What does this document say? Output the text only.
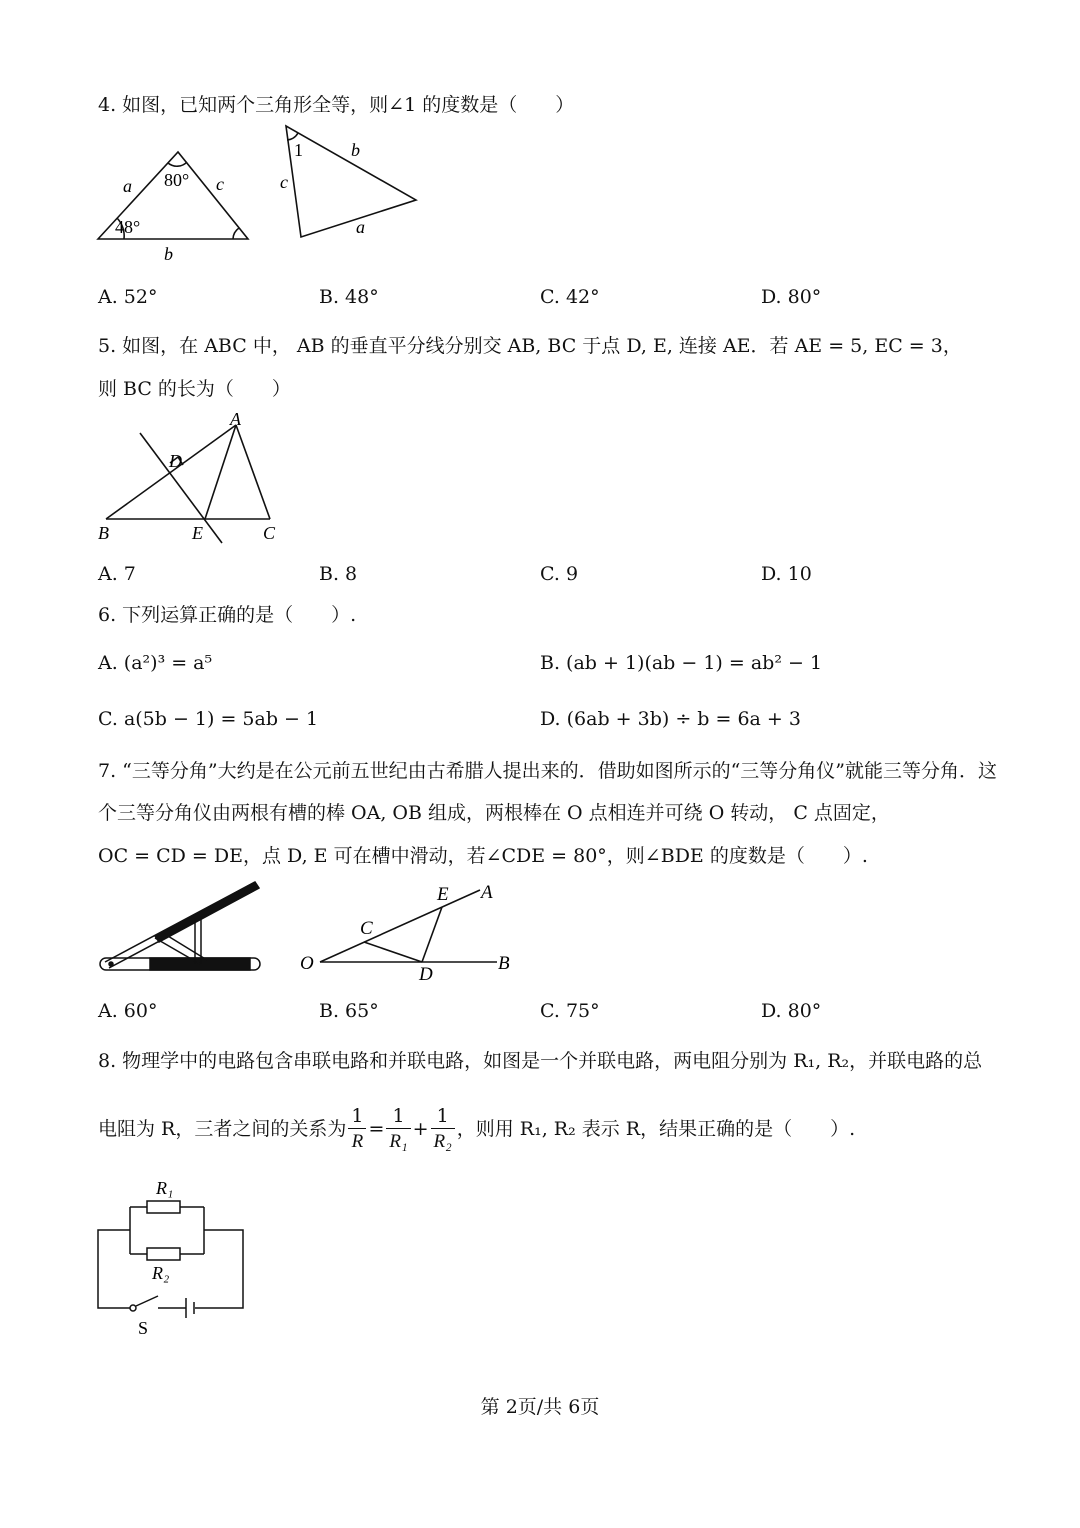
4. 如图，已知两个三角形全等，则∠1 的度数是（　　）
a 80° c
48°
b
1	b
c
a
A. 52°	B. 48°	C. 42°	D. 80°
5. 如图，在 ABC 中， AB 的垂直平分线分别交 AB, BC 于点 D, E, 连接 AE．若 AE = 5, EC = 3，
则 BC 的长为（　　）
A
D
B	E	C
A. 7	B. 8	C. 9	D. 10
6. 下列运算正确的是（　　）.
A. (a²)³ = a⁵	B. (ab + 1)(ab − 1) = ab² − 1
C. a(5b − 1) = 5ab − 1	D. (6ab + 3b) ÷ b = 6a + 3
7. “三等分角”大约是在公元前五世纪由古希腊人提出来的．借助如图所示的“三等分角仪”就能三等分角．这
个三等分角仪由两根有槽的棒 OA, OB 组成，两根棒在 O 点相连并可绕 O 转动， C 点固定，
OC = CD = DE，点 D, E 可在槽中滑动，若∠CDE = 80°，则∠BDE 的度数是（　　）.
O
C
E A
B
D
A. 60°	B. 65°	C. 75°	D. 80°
8. 物理学中的电路包含串联电路和并联电路，如图是一个并联电路，两电阻分别为 R₁, R₂，并联电路的总
电阻为 R，三者之间的关系为 $\frac{1}{R} = \frac{1}{\text{R₁}} + \frac{1}{\text{R₂}}$ ，则用 R₁, R₂ 表示 R，结果正确的是（　　）.
R₁
R₂
S
第 2页/共 6页
